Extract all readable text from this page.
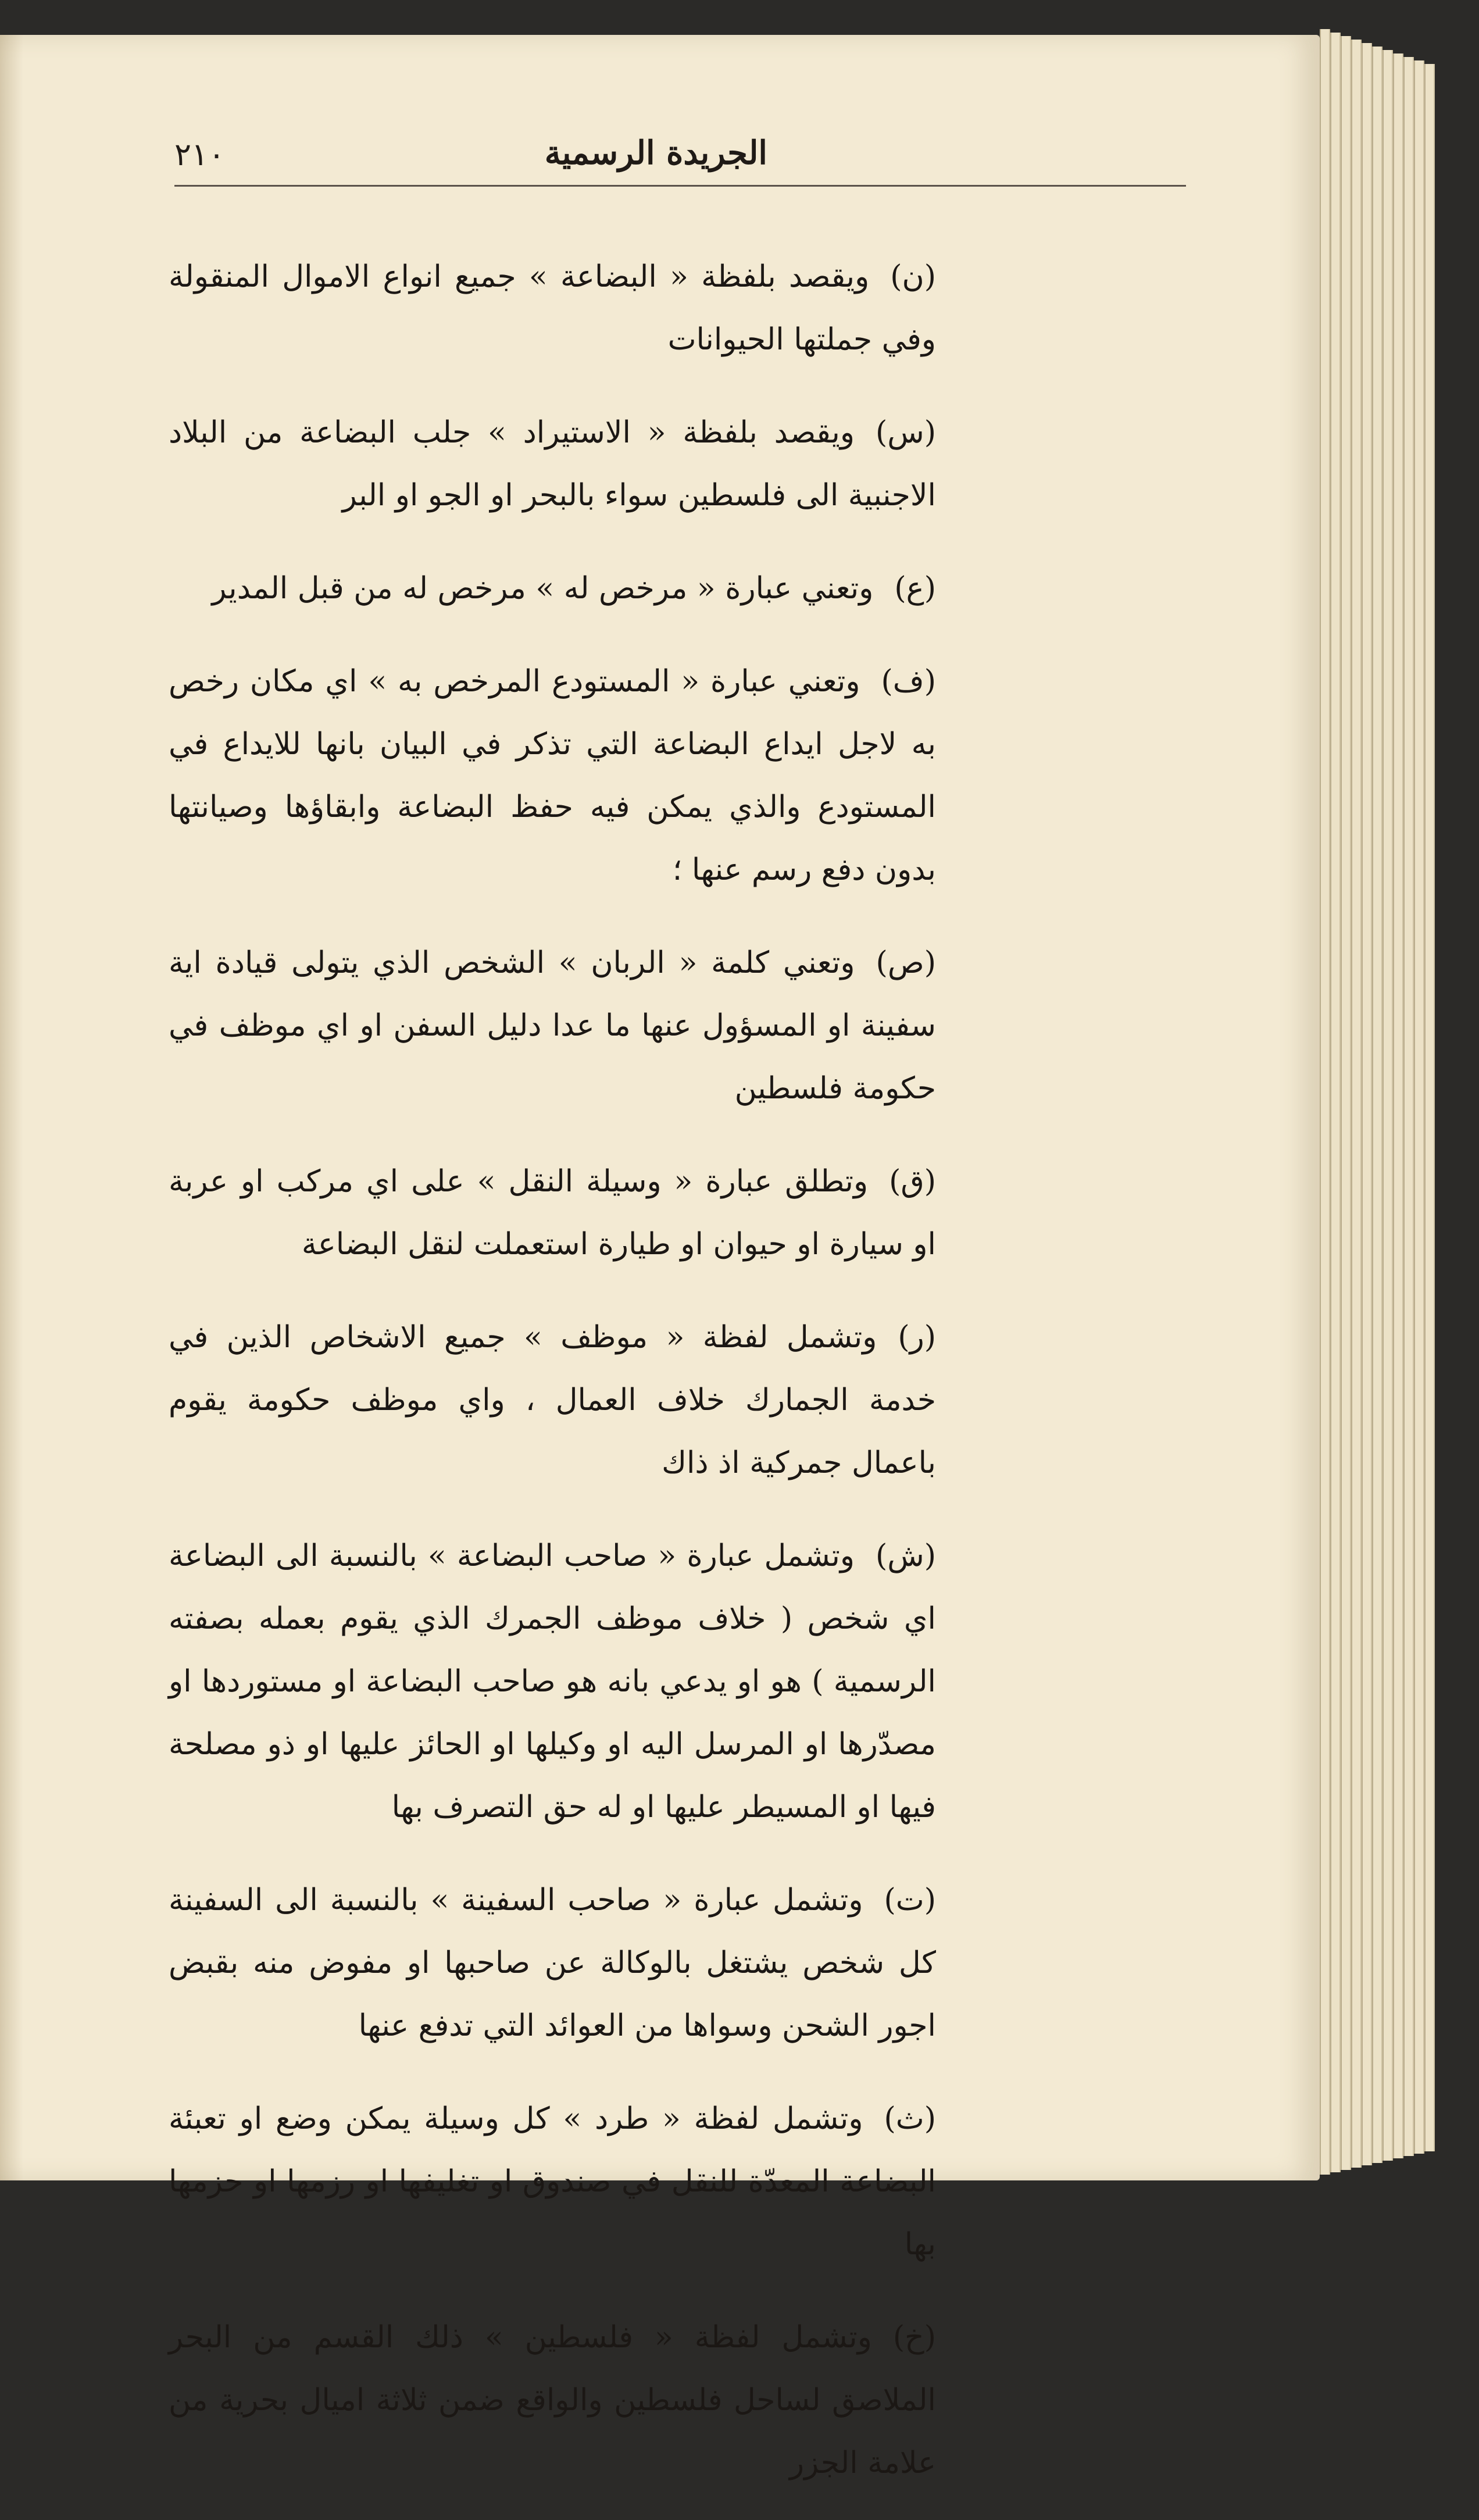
الجريدة الرسمية
٢١٠

(ن)ويقصد بلفظة « البضاعة » جميع انواع الاموال المنقولة وفي جملتها الحيوانات

(س)ويقصد بلفظة « الاستيراد » جلب البضاعة من البلاد الاجنبية الى فلسطين سواء بالبحر او الجو او البر

(ع)وتعني عبارة « مرخص له » مرخص له من قبل المدير

(ف)وتعني عبارة « المستودع المرخص به » اي مكان رخص به لاجل ايداع البضاعة التي تذكر في البيان بانها للايداع في المستودع والذي يمكن فيه حفظ البضاعة وابقاؤها وصيانتها بدون دفع رسم عنها ؛

(ص)وتعني كلمة « الربان » الشخص الذي يتولى قيادة اية سفينة او المسؤول عنها ما عدا دليل السفن او اي موظف في حكومة فلسطين

(ق)وتطلق عبارة « وسيلة النقل » على اي مركب او عربة او سيارة او حيوان او طيارة استعملت لنقل البضاعة

(ر)وتشمل لفظة « موظف » جميع الاشخاص الذين في خدمة الجمارك خلاف العمال ، واي موظف حكومة يقوم باعمال جمركية اذ ذاك

(ش)وتشمل عبارة « صاحب البضاعة » بالنسبة الى البضاعة اي شخص ( خلاف موظف الجمرك الذي يقوم بعمله بصفته الرسمية ) هو او يدعي بانه هو صاحب البضاعة او مستوردها او مصدّرها او المرسل اليه او وكيلها او الحائز عليها او ذو مصلحة فيها او المسيطر عليها او له حق التصرف بها

(ت)وتشمل عبارة « صاحب السفينة » بالنسبة الى السفينة كل شخص يشتغل بالوكالة عن صاحبها او مفوض منه بقبض اجور الشحن وسواها من العوائد التي تدفع عنها

(ث)وتشمل لفظة « طرد » كل وسيلة يمكن وضع او تعبئة البضاعة المعدّة للنقل في صندوق او تغليفها او رزمها او حزمها بها

(خ)وتشمل لفظة « فلسطين » ذلك القسم من البحر الملاصق لساحل فلسطين والواقع ضمن ثلاثة اميال بحرية من علامة الجزر
